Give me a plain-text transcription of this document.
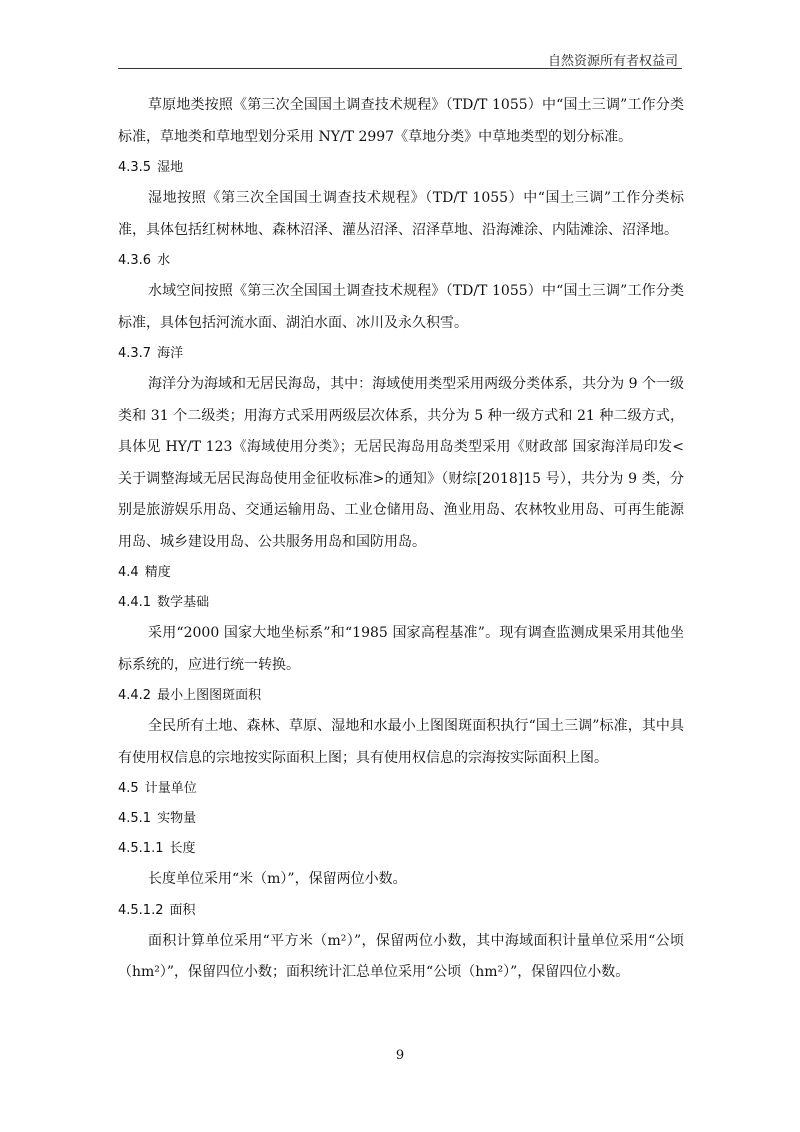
自然资源所有者权益司

草原地类按照《第三次全国国土调查技术规程》（TD/T 1055）中“国土三调”工作分类标准，草地类和草地型划分采用 NY/T 2997《草地分类》中草地类型的划分标准。

4.3.5 湿地

湿地按照《第三次全国国土调查技术规程》（TD/T 1055）中“国土三调”工作分类标准，具体包括红树林地、森林沼泽、灌丛沼泽、沼泽草地、沿海滩涂、内陆滩涂、沼泽地。

4.3.6 水

水域空间按照《第三次全国国土调查技术规程》（TD/T 1055）中“国土三调”工作分类标准，具体包括河流水面、湖泊水面、冰川及永久积雪。

4.3.7 海洋

海洋分为海域和无居民海岛，其中：海域使用类型采用两级分类体系，共分为 9 个一级类和 31 个二级类；用海方式采用两级层次体系，共分为 5 种一级方式和 21 种二级方式，具体见 HY/T 123《海域使用分类》；无居民海岛用岛类型采用《财政部 国家海洋局印发<关于调整海域无居民海岛使用金征收标准>的通知》（财综[2018]15 号），共分为 9 类，分别是旅游娱乐用岛、交通运输用岛、工业仓储用岛、渔业用岛、农林牧业用岛、可再生能源用岛、城乡建设用岛、公共服务用岛和国防用岛。

4.4 精度
4.4.1 数学基础

采用“2000 国家大地坐标系”和“1985 国家高程基准”。现有调查监测成果采用其他坐标系统的，应进行统一转换。

4.4.2 最小上图图斑面积

全民所有土地、森林、草原、湿地和水最小上图图斑面积执行“国土三调”标准，其中具有使用权信息的宗地按实际面积上图；具有使用权信息的宗海按实际面积上图。

4.5 计量单位
4.5.1 实物量
4.5.1.1 长度

长度单位采用“米（m）”，保留两位小数。

4.5.1.2 面积

面积计算单位采用“平方米（m²）”，保留两位小数，其中海域面积计量单位采用“公顷（hm²）”，保留四位小数；面积统计汇总单位采用“公顷（hm²）”，保留四位小数。

9
